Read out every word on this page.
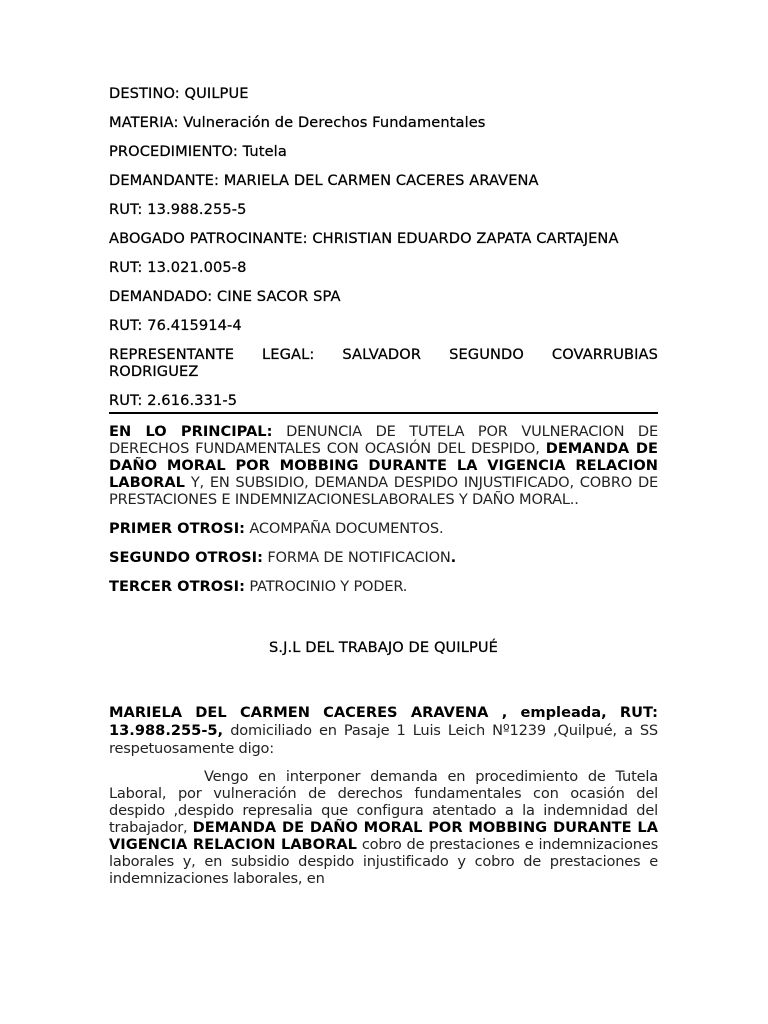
DESTINO: QUILPUE

MATERIA: Vulneración de Derechos Fundamentales

PROCEDIMIENTO: Tutela

DEMANDANTE: MARIELA DEL CARMEN CACERES ARAVENA

RUT: 13.988.255-5

ABOGADO PATROCINANTE: CHRISTIAN EDUARDO ZAPATA CARTAJENA

RUT: 13.021.005-8

DEMANDADO: CINE SACOR SPA

RUT: 76.415914-4

REPRESENTANTE LEGAL: SALVADOR SEGUNDO COVARRUBIAS RODRIGUEZ

RUT: 2.616.331-5

EN LO PRINCIPAL: DENUNCIA DE TUTELA POR VULNERACION DE DERECHOS FUNDAMENTALES CON OCASIÓN DEL DESPIDO, DEMANDA DE DAÑO MORAL POR MOBBING DURANTE LA VIGENCIA RELACION LABORAL Y, EN SUBSIDIO, DEMANDA DESPIDO INJUSTIFICADO, COBRO DE PRESTACIONES E INDEMNIZACIONESLABORALES Y DAÑO MORAL..

PRIMER OTROSI: ACOMPAÑA DOCUMENTOS.

SEGUNDO OTROSI: FORMA DE NOTIFICACION.

TERCER OTROSI: PATROCINIO Y PODER.

S.J.L DEL TRABAJO DE QUILPUÉ

MARIELA DEL CARMEN CACERES ARAVENA , empleada, RUT: 13.988.255-5, domiciliado en Pasaje 1 Luis Leich Nº1239 ,Quilpué, a SS respetuosamente digo:

Vengo en interponer demanda en procedimiento de Tutela Laboral, por vulneración de derechos fundamentales con ocasión del despido ,despido represalia que configura atentado a la indemnidad del trabajador, DEMANDA DE DAÑO MORAL POR MOBBING DURANTE LA VIGENCIA RELACION LABORAL cobro de prestaciones e indemnizaciones laborales y, en subsidio despido injustificado y cobro de prestaciones e indemnizaciones laborales, en
